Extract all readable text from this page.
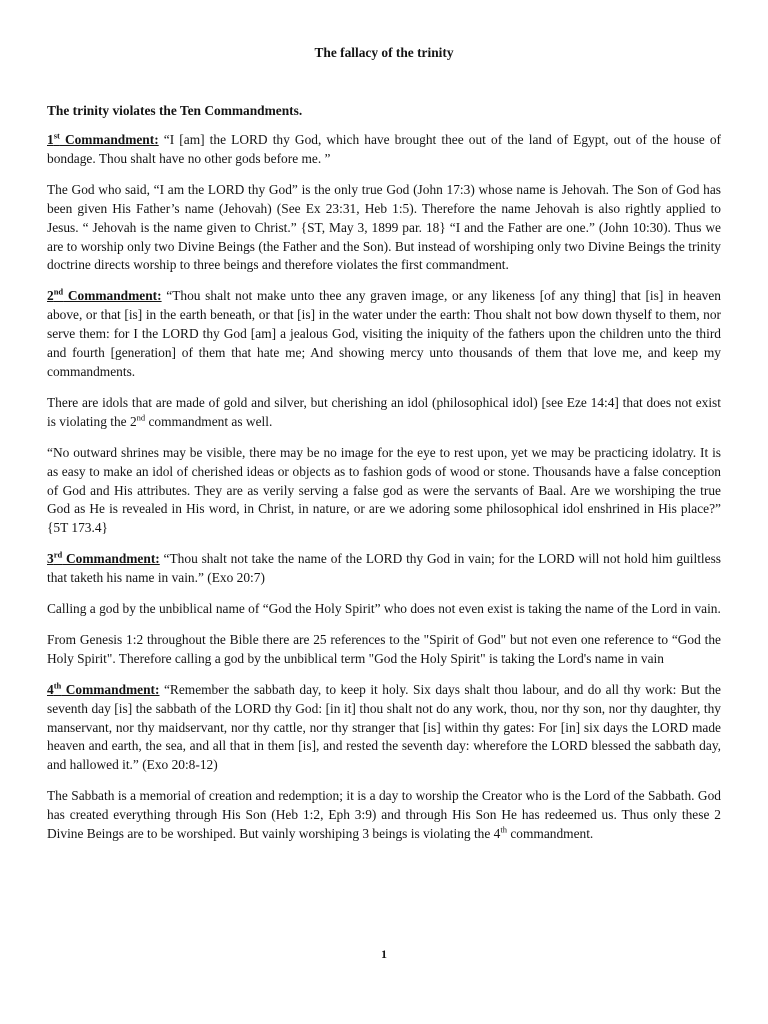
The fallacy of the trinity
The trinity violates the Ten Commandments.

1st Commandment: “I [am] the LORD thy God, which have brought thee out of the land of Egypt, out of the house of bondage. Thou shalt have no other gods before me. ”

The God who said, “I am the LORD thy God” is the only true God (John 17:3) whose name is Jehovah. The Son of God has been given His Father’s name (Jehovah) (See Ex 23:31, Heb 1:5). Therefore the name Jehovah is also rightly applied to Jesus. “ Jehovah is the name given to Christ.” {ST, May 3, 1899 par. 18} “I and the Father are one.” (John 10:30). Thus we are to worship only two Divine Beings (the Father and the Son). But instead of worshiping only two Divine Beings the trinity doctrine directs worship to three beings and therefore violates the first commandment.

2nd Commandment: “Thou shalt not make unto thee any graven image, or any likeness [of any thing] that [is] in heaven above, or that [is] in the earth beneath, or that [is] in the water under the earth: Thou shalt not bow down thyself to them, nor serve them: for I the LORD thy God [am] a jealous God, visiting the iniquity of the fathers upon the children unto the third and fourth [generation] of them that hate me; And showing mercy unto thousands of them that love me, and keep my commandments.

There are idols that are made of gold and silver, but cherishing an idol (philosophical idol) [see Eze 14:4] that does not exist is violating the 2nd commandment as well.

“No outward shrines may be visible, there may be no image for the eye to rest upon, yet we may be practicing idolatry. It is as easy to make an idol of cherished ideas or objects as to fashion gods of wood or stone. Thousands have a false conception of God and His attributes. They are as verily serving a false god as were the servants of Baal. Are we worshiping the true God as He is revealed in His word, in Christ, in nature, or are we adoring some philosophical idol enshrined in His place?” {5T 173.4}

3rd Commandment: “Thou shalt not take the name of the LORD thy God in vain; for the LORD will not hold him guiltless that taketh his name in vain.” (Exo 20:7)

Calling a god by the unbiblical name of “God the Holy Spirit” who does not even exist is taking the name of the Lord in vain.

From Genesis 1:2 throughout the Bible there are 25 references to the "Spirit of God" but not even one reference to “God the Holy Spirit". Therefore calling a god by the unbiblical term "God the Holy Spirit" is taking the Lord's name in vain

4th Commandment: “Remember the sabbath day, to keep it holy. Six days shalt thou labour, and do all thy work: But the seventh day [is] the sabbath of the LORD thy God: [in it] thou shalt not do any work, thou, nor thy son, nor thy daughter, thy manservant, nor thy maidservant, nor thy cattle, nor thy stranger that [is] within thy gates: For [in] six days the LORD made heaven and earth, the sea, and all that in them [is], and rested the seventh day: wherefore the LORD blessed the sabbath day, and hallowed it.” (Exo 20:8-12)

The Sabbath is a memorial of creation and redemption; it is a day to worship the Creator who is the Lord of the Sabbath. God has created everything through His Son (Heb 1:2, Eph 3:9) and through His Son He has redeemed us. Thus only these 2 Divine Beings are to be worshiped. But vainly worshiping 3 beings is violating the 4th commandment.

1
